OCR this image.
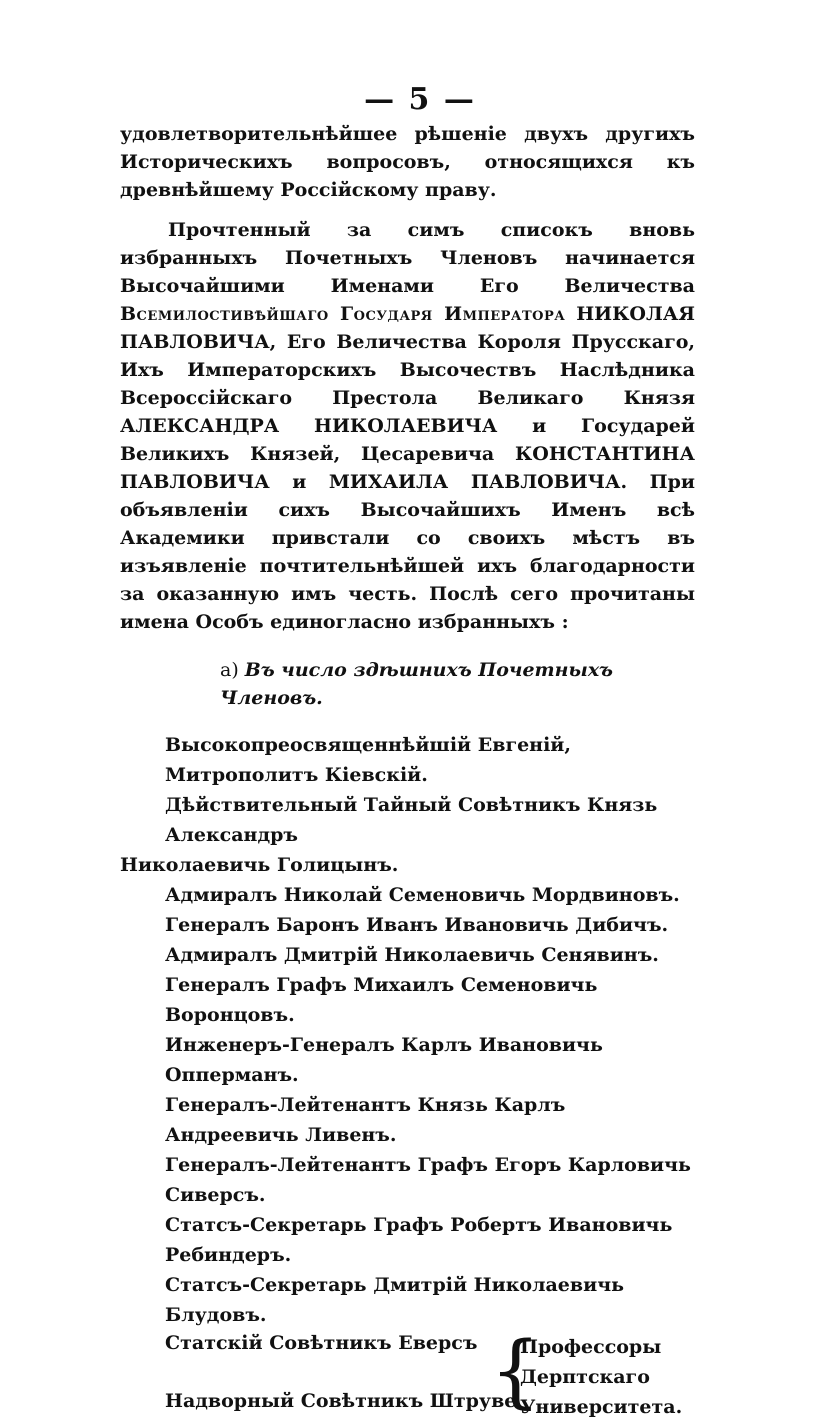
— 5 —

удовлетворительнѣйшее рѣшеніе двухъ другихъ Историческихъ вопросовъ, относящихся къ древнѣйшему Россійскому праву.

Прочтенный за симъ списокъ вновь избранныхъ Почетныхъ Членовъ начинается Высочайшими Именами Его Величества Всемилостивѣйшаго Государя Императора НИКОЛАЯ ПАВЛОВИЧА, Его Величества Короля Прусскаго, Ихъ Императорскихъ Высочествъ Наслѣдника Всероссійскаго Престола Великаго Князя АЛЕКСАНДРА НИКОЛАЕВИЧА и Государей Великихъ Князей, Цесаревича КОНСТАНТИНА ПАВЛОВИЧА и МИХАИЛА ПАВЛОВИЧА. При объявленіи сихъ Высочайшихъ Именъ всѣ Академики привстали со своихъ мѣстъ въ изъявленіе почтительнѣйшей ихъ благодарности за оказанную имъ честь. Послѣ сего прочитаны имена Особъ единогласно избранныхъ :

а) Въ число здѣшнихъ Почетныхъ Членовъ.
Высокопреосвященнѣйшій Евгеній, Митрополитъ Кіевскій.
Дѣйствительный Тайный Совѣтникъ Князь Александръ
Николаевичь Голицынъ.
Адмиралъ Николай Семеновичь Мордвиновъ.
Генералъ Баронъ Иванъ Ивановичь Дибичъ.
Адмиралъ Дмитрій Николаевичь Сенявинъ.
Генералъ Графъ Михаилъ Семеновичь Воронцовъ.
Инженеръ-Генералъ Карлъ Ивановичь Опперманъ.
Генералъ-Лейтенантъ Князь Карлъ Андреевичь Ливенъ.
Генералъ-Лейтенантъ Графъ Егоръ Карловичь Сиверсъ.
Статсъ-Секретарь Графъ Робертъ Ивановичь Ребиндеръ.
Статсъ-Секретарь Дмитрій Николаевичь Блудовъ.
Статскій Совѣтникъ Еверсъ
Надворный Совѣтникъ Штруве
{
Профессоры
Дерптскаго
Университета.
